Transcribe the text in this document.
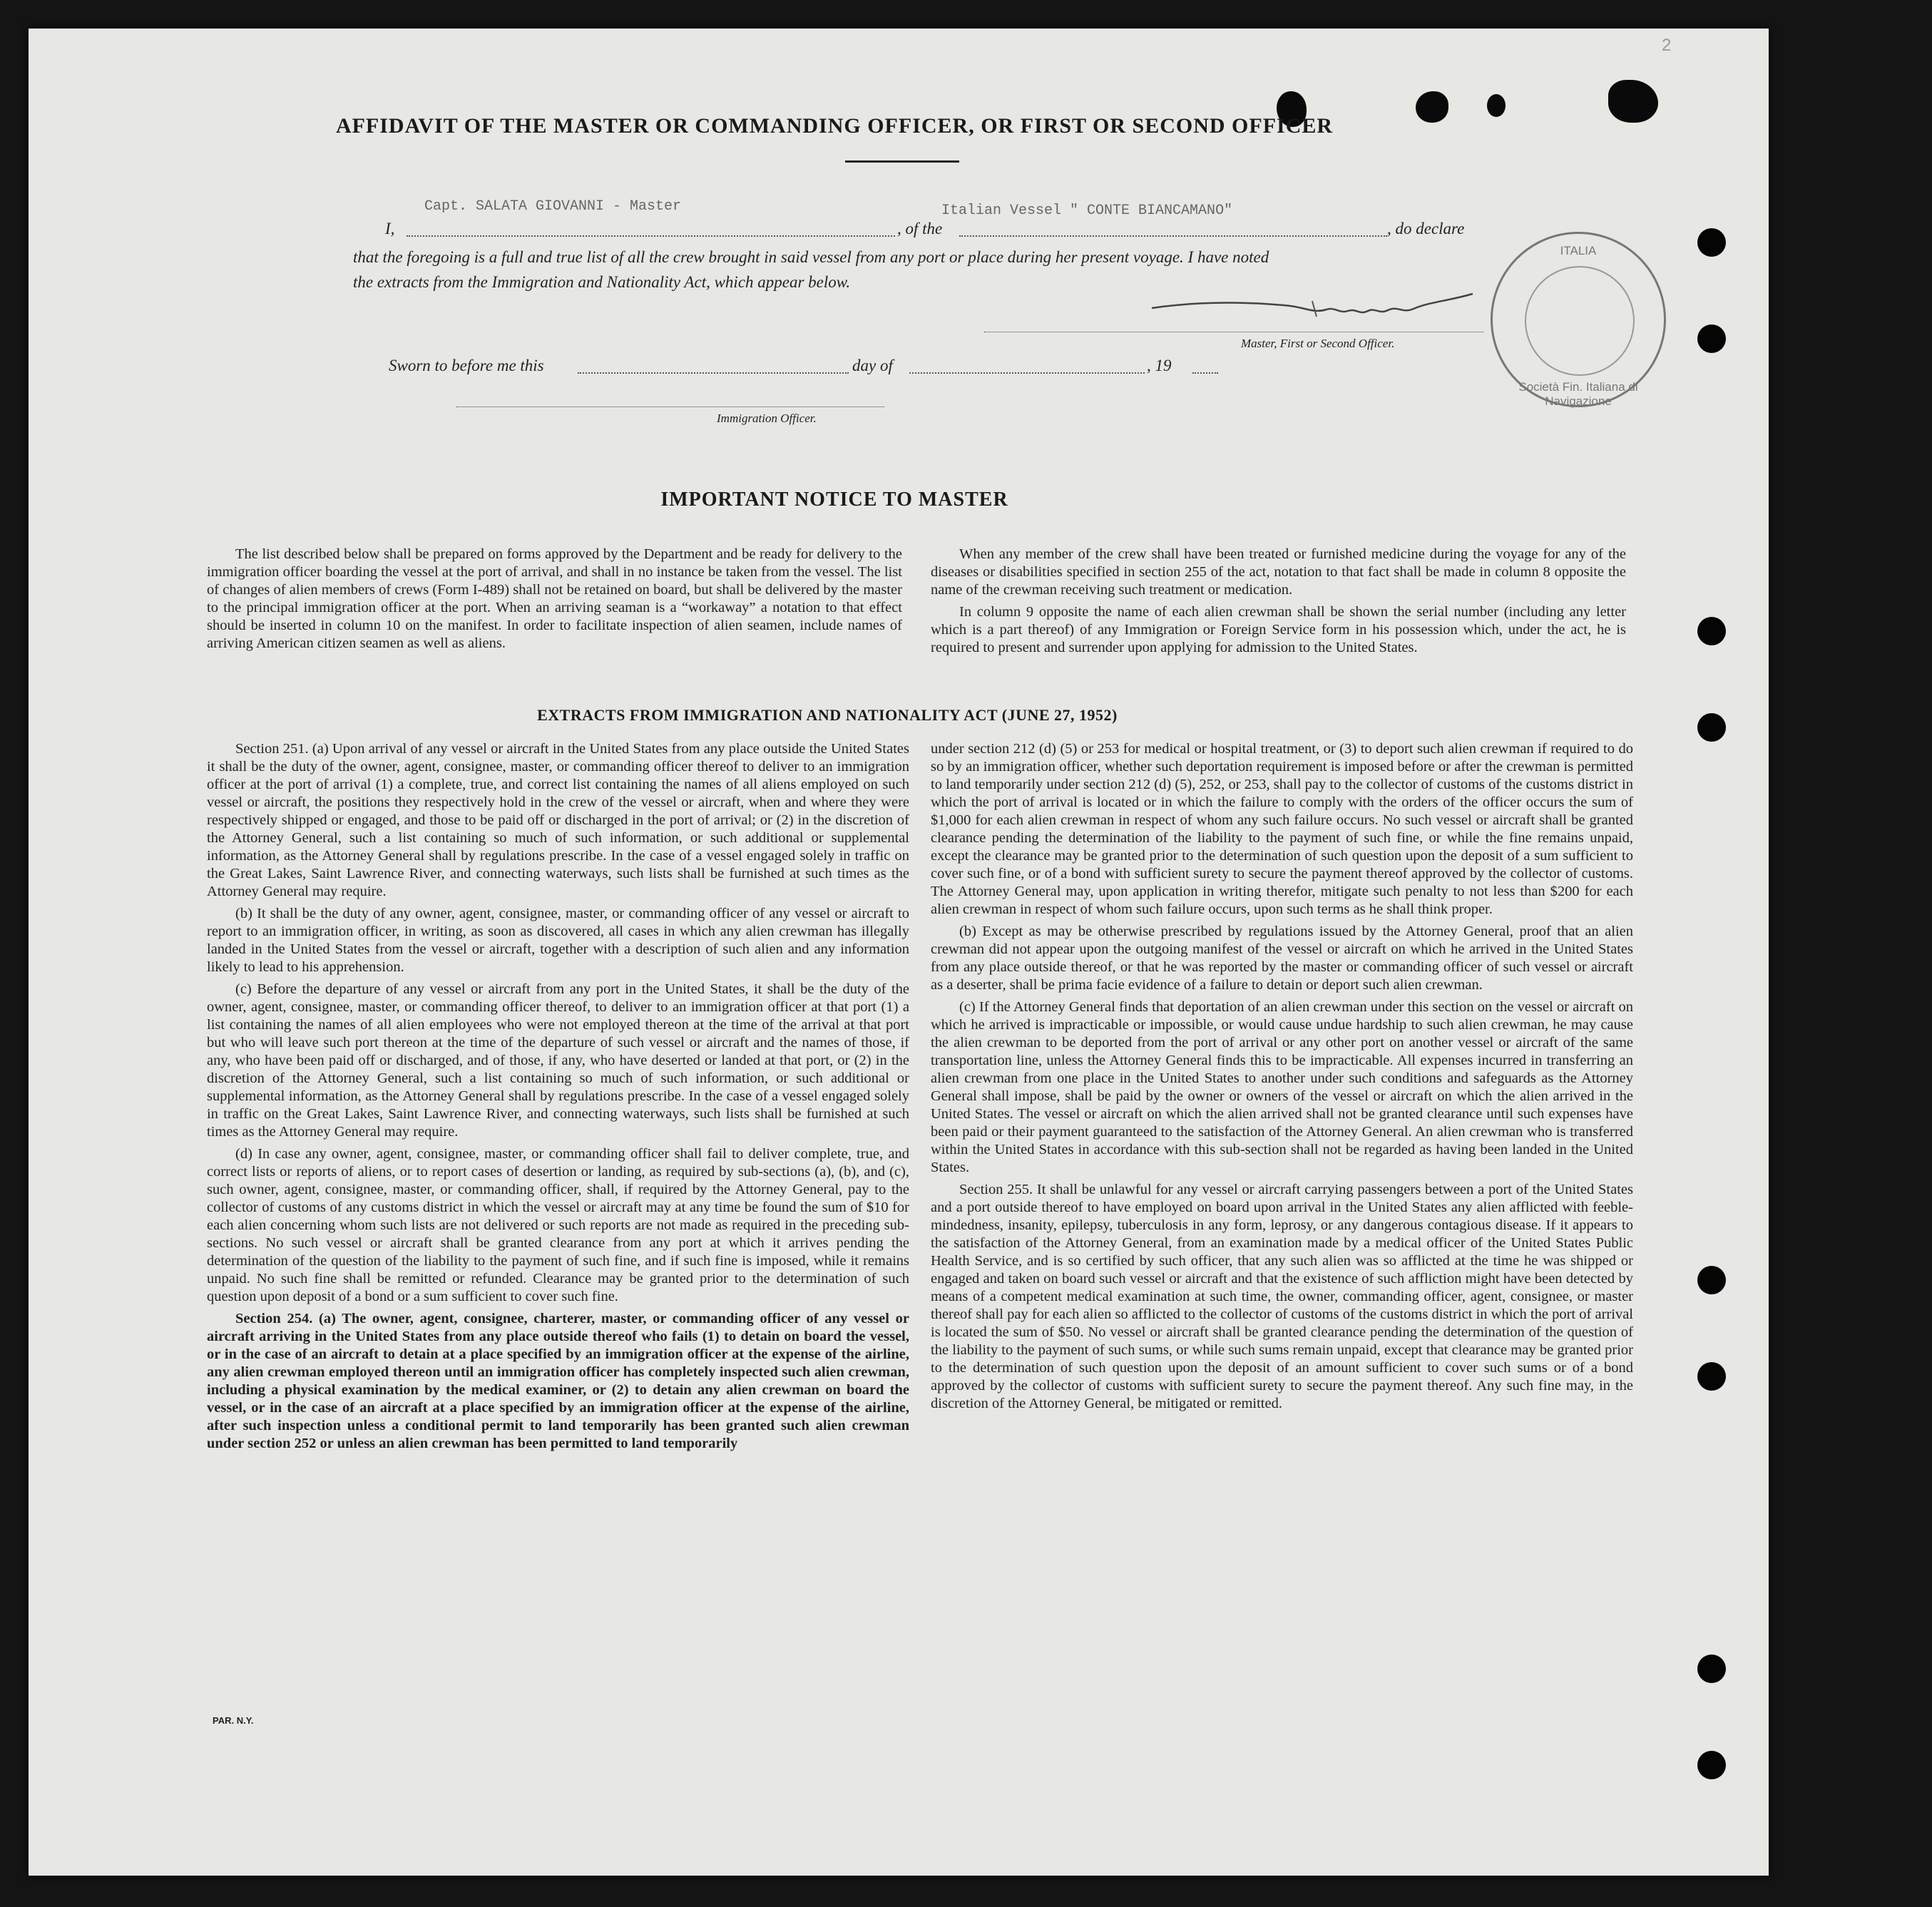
2
AFFIDAVIT OF THE MASTER OR COMMANDING OFFICER, OR FIRST OR SECOND OFFICER
I,
Capt. SALATA GIOVANNI - Master
, of the
Italian Vessel " CONTE BIANCAMANO"
, do declare
that the foregoing is a full and true list of all the crew brought in said vessel from any port or place during her present voyage. I have noted
the extracts from the Immigration and Nationality Act, which appear below.
Master, First or Second Officer.
ITALIA
Società Fin. Italiana di Navigazione
Sworn to before me this	day of	, 19
Immigration Officer.
IMPORTANT NOTICE TO MASTER

The list described below shall be prepared on forms approved by the Department and be ready for delivery to the immigration officer boarding the vessel at the port of arrival, and shall in no instance be taken from the vessel. The list of changes of alien members of crews (Form I-489) shall not be retained on board, but shall be delivered by the master to the principal immigration officer at the port. When an arriving seaman is a “workaway” a notation to that effect should be inserted in column 10 on the manifest. In order to facilitate inspection of alien seamen, include names of arriving American citizen seamen as well as aliens.

When any member of the crew shall have been treated or furnished medicine during the voyage for any of the diseases or disabilities specified in section 255 of the act, notation to that fact shall be made in column 8 opposite the name of the crewman receiving such treatment or medication.

In column 9 opposite the name of each alien crewman shall be shown the serial number (including any letter which is a part thereof) of any Immigration or Foreign Service form in his possession which, under the act, he is required to present and surrender upon applying for admission to the United States.

EXTRACTS FROM IMMIGRATION AND NATIONALITY ACT (JUNE 27, 1952)

Section 251. (a) Upon arrival of any vessel or aircraft in the United States from any place outside the United States it shall be the duty of the owner, agent, consignee, master, or commanding officer thereof to deliver to an immigration officer at the port of arrival (1) a complete, true, and correct list containing the names of all aliens employed on such vessel or aircraft, the positions they respectively hold in the crew of the vessel or aircraft, when and where they were respectively shipped or engaged, and those to be paid off or discharged in the port of arrival; or (2) in the discretion of the Attorney General, such a list containing so much of such information, or such additional or supplemental information, as the Attorney General shall by regulations prescribe. In the case of a vessel engaged solely in traffic on the Great Lakes, Saint Lawrence River, and connecting waterways, such lists shall be furnished at such times as the Attorney General may require.

(b) It shall be the duty of any owner, agent, consignee, master, or commanding officer of any vessel or aircraft to report to an immigration officer, in writing, as soon as discovered, all cases in which any alien crewman has illegally landed in the United States from the vessel or aircraft, together with a description of such alien and any information likely to lead to his apprehension.

(c) Before the departure of any vessel or aircraft from any port in the United States, it shall be the duty of the owner, agent, consignee, master, or commanding officer thereof, to deliver to an immigration officer at that port (1) a list containing the names of all alien employees who were not employed thereon at the time of the arrival at that port but who will leave such port thereon at the time of the departure of such vessel or aircraft and the names of those, if any, who have been paid off or discharged, and of those, if any, who have deserted or landed at that port, or (2) in the discretion of the Attorney General, such a list containing so much of such information, or such additional or supplemental information, as the Attorney General shall by regulations prescribe. In the case of a vessel engaged solely in traffic on the Great Lakes, Saint Lawrence River, and connecting waterways, such lists shall be furnished at such times as the Attorney General may require.

(d) In case any owner, agent, consignee, master, or commanding officer shall fail to deliver complete, true, and correct lists or reports of aliens, or to report cases of desertion or landing, as required by sub-sections (a), (b), and (c), such owner, agent, consignee, master, or commanding officer, shall, if required by the Attorney General, pay to the collector of customs of any customs district in which the vessel or aircraft may at any time be found the sum of $10 for each alien concerning whom such lists are not delivered or such reports are not made as required in the preceding sub-sections. No such vessel or aircraft shall be granted clearance from any port at which it arrives pending the determination of the question of the liability to the payment of such fine, and if such fine is imposed, while it remains unpaid. No such fine shall be remitted or refunded. Clearance may be granted prior to the determination of such question upon deposit of a bond or a sum sufficient to cover such fine.

Section 254. (a) The owner, agent, consignee, charterer, master, or commanding officer of any vessel or aircraft arriving in the United States from any place outside thereof who fails (1) to detain on board the vessel, or in the case of an aircraft to detain at a place specified by an immigration officer at the expense of the airline, any alien crewman employed thereon until an immigration officer has completely inspected such alien crewman, including a physical examination by the medical examiner, or (2) to detain any alien crewman on board the vessel, or in the case of an aircraft at a place specified by an immigration officer at the expense of the airline, after such inspection unless a conditional permit to land temporarily has been granted such alien crewman under section 252 or unless an alien crewman has been permitted to land temporarily

under section 212 (d) (5) or 253 for medical or hospital treatment, or (3) to deport such alien crewman if required to do so by an immigration officer, whether such deportation requirement is imposed before or after the crewman is permitted to land temporarily under section 212 (d) (5), 252, or 253, shall pay to the collector of customs of the customs district in which the port of arrival is located or in which the failure to comply with the orders of the officer occurs the sum of $1,000 for each alien crewman in respect of whom any such failure occurs. No such vessel or aircraft shall be granted clearance pending the determination of the liability to the payment of such fine, or while the fine remains unpaid, except the clearance may be granted prior to the determination of such question upon the deposit of a sum sufficient to cover such fine, or of a bond with sufficient surety to secure the payment thereof approved by the collector of customs. The Attorney General may, upon application in writing therefor, mitigate such penalty to not less than $200 for each alien crewman in respect of whom such failure occurs, upon such terms as he shall think proper.

(b) Except as may be otherwise prescribed by regulations issued by the Attorney General, proof that an alien crewman did not appear upon the outgoing manifest of the vessel or aircraft on which he arrived in the United States from any place outside thereof, or that he was reported by the master or commanding officer of such vessel or aircraft as a deserter, shall be prima facie evidence of a failure to detain or deport such alien crewman.

(c) If the Attorney General finds that deportation of an alien crewman under this section on the vessel or aircraft on which he arrived is impracticable or impossible, or would cause undue hardship to such alien crewman, he may cause the alien crewman to be deported from the port of arrival or any other port on another vessel or aircraft of the same transportation line, unless the Attorney General finds this to be impracticable. All expenses incurred in transferring an alien crewman from one place in the United States to another under such conditions and safeguards as the Attorney General shall impose, shall be paid by the owner or owners of the vessel or aircraft on which the alien arrived in the United States. The vessel or aircraft on which the alien arrived shall not be granted clearance until such expenses have been paid or their payment guaranteed to the satisfaction of the Attorney General. An alien crewman who is transferred within the United States in accordance with this sub-section shall not be regarded as having been landed in the United States.

Section 255. It shall be unlawful for any vessel or aircraft carrying passengers between a port of the United States and a port outside thereof to have employed on board upon arrival in the United States any alien afflicted with feeble-mindedness, insanity, epilepsy, tuberculosis in any form, leprosy, or any dangerous contagious disease. If it appears to the satisfaction of the Attorney General, from an examination made by a medical officer of the United States Public Health Service, and is so certified by such officer, that any such alien was so afflicted at the time he was shipped or engaged and taken on board such vessel or aircraft and that the existence of such affliction might have been detected by means of a competent medical examination at such time, the owner, commanding officer, agent, consignee, or master thereof shall pay for each alien so afflicted to the collector of customs of the customs district in which the port of arrival is located the sum of $50. No vessel or aircraft shall be granted clearance pending the determination of the question of the liability to the payment of such sums, or while such sums remain unpaid, except that clearance may be granted prior to the determination of such question upon the deposit of an amount sufficient to cover such sums or of a bond approved by the collector of customs with sufficient surety to secure the payment thereof. Any such fine may, in the discretion of the Attorney General, be mitigated or remitted.

PAR. N.Y.
